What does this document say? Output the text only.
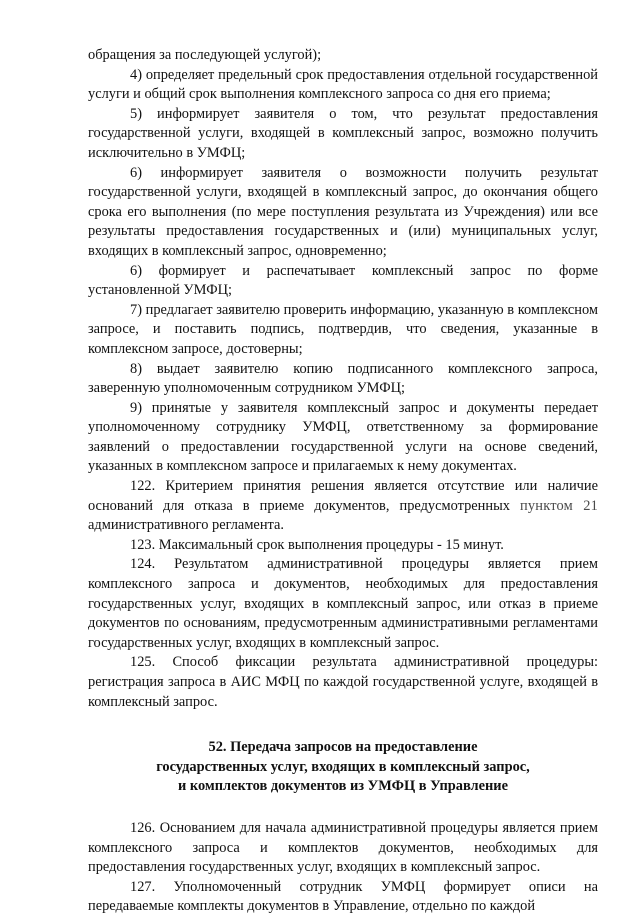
обращения за последующей услугой);

4) определяет предельный срок предоставления отдельной государственной услуги и общий срок выполнения комплексного запроса со дня его приема;

5) информирует заявителя о том, что результат предоставления государственной услуги, входящей в комплексный запрос, возможно получить исключительно в УМФЦ;

6) информирует заявителя о возможности получить результат государственной услуги, входящей в комплексный запрос, до окончания общего срока его выполнения (по мере поступления результата из Учреждения) или все результаты предоставления государственных и (или) муниципальных услуг, входящих в комплексный запрос, одновременно;

6) формирует и распечатывает комплексный запрос по форме установленной УМФЦ;

7) предлагает заявителю проверить информацию, указанную в комплексном запросе, и поставить подпись, подтвердив, что сведения, указанные в комплексном запросе, достоверны;

8) выдает заявителю копию подписанного комплексного запроса, заверенную уполномоченным сотрудником УМФЦ;

9) принятые у заявителя комплексный запрос и документы передает уполномоченному сотруднику УМФЦ, ответственному за формирование заявлений о предоставлении государственной услуги на основе сведений, указанных в комплексном запросе и прилагаемых к нему документах.

122. Критерием принятия решения является отсутствие или наличие оснований для отказа в приеме документов, предусмотренных пунктом 21 административного регламента.

123. Максимальный срок выполнения процедуры - 15 минут.

124. Результатом административной процедуры является прием комплексного запроса и документов, необходимых для предоставления государственных услуг, входящих в комплексный запрос, или отказ в приеме документов по основаниям, предусмотренным административными регламентами государственных услуг, входящих в комплексный запрос.

125. Способ фиксации результата административной процедуры: регистрация запроса в АИС МФЦ по каждой государственной услуге, входящей в комплексный запрос.

52. Передача запросов на предоставление
государственных услуг, входящих в комплексный запрос,
и комплектов документов из УМФЦ в Управление

126. Основанием для начала административной процедуры является прием комплексного запроса и комплектов документов, необходимых для предоставления государственных услуг, входящих в комплексный запрос.

127. Уполномоченный сотрудник УМФЦ формирует описи на передаваемые комплекты документов в Управление, отдельно по каждой
